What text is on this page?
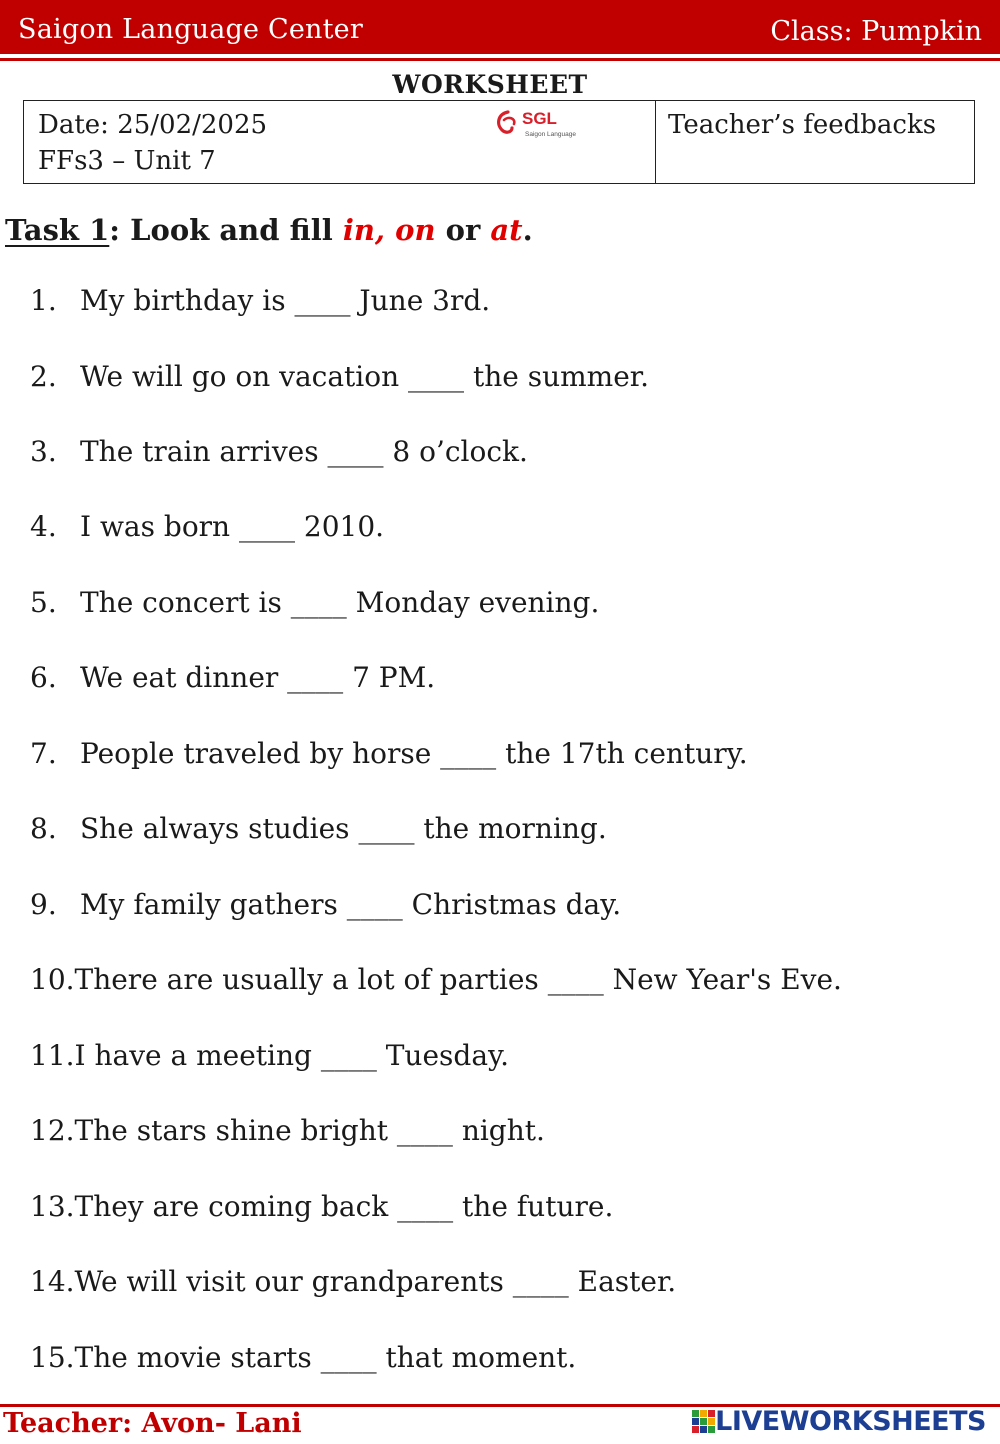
Saigon Language Center	Class: Pumpkin
WORKSHEET
Date: 25/02/2025
FFs3 – Unit 7
SGL
Saigon Language	Teacher’s feedbacks
Task 1: Look and fill in, on or at.
1. My birthday is ____ June 3rd.
2. We will go on vacation ____ the summer.
3. The train arrives ____ 8 o’clock.
4. I was born ____ 2010.
5. The concert is ____ Monday evening.
6. We eat dinner ____ 7 PM.
7. People traveled by horse ____ the 17th century.
8. She always studies ____ the morning.
9. My family gathers ____ Christmas day.
10.There are usually a lot of parties ____ New Year's Eve.
11.I have a meeting ____ Tuesday.
12.The stars shine bright ____ night.
13.They are coming back ____ the future.
14.We will visit our grandparents ____ Easter.
15.The movie starts ____ that moment.
Teacher: Avon- Lani	LIVEWORKSHEETS
